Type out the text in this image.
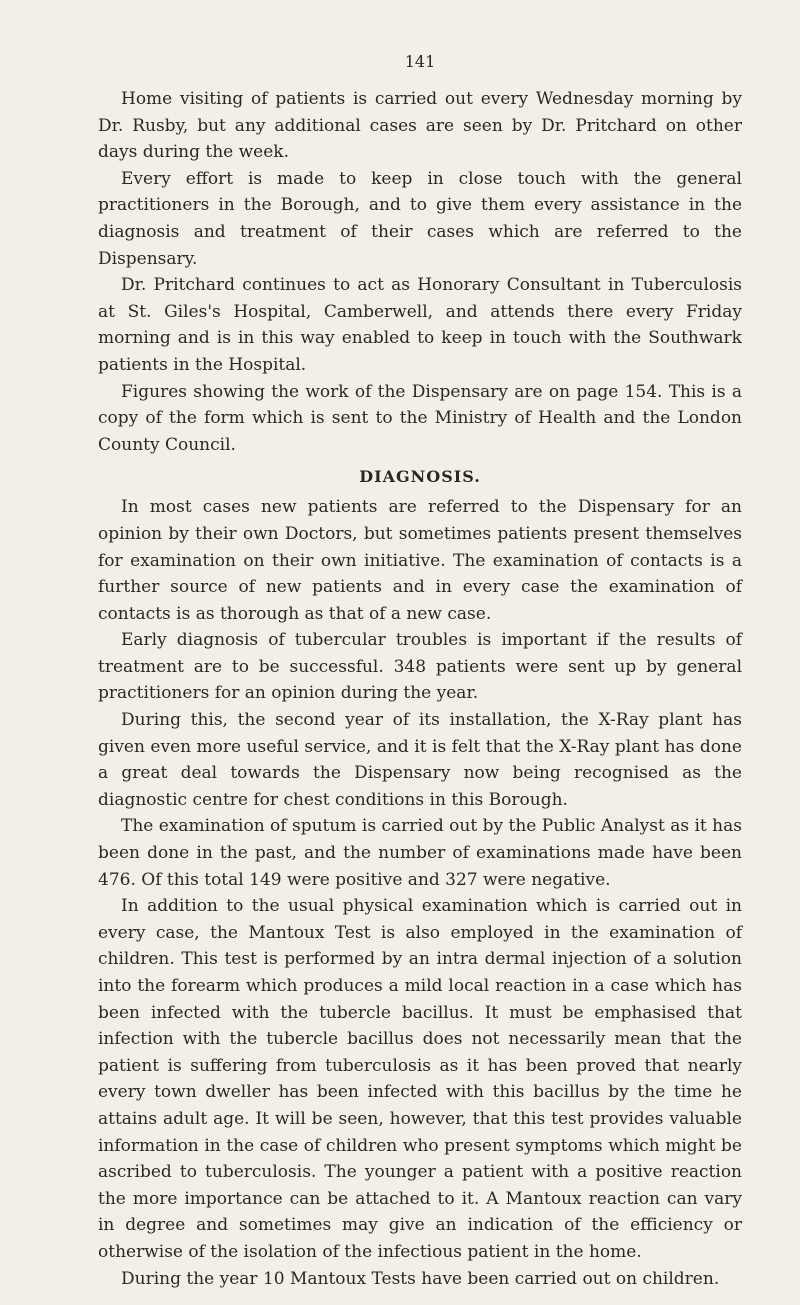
141

Home visiting of patients is carried out every Wednesday morning by Dr. Rusby, but any additional cases are seen by Dr. Pritchard on other days during the week.

Every effort is made to keep in close touch with the general practitioners in the Borough, and to give them every assistance in the diagnosis and treatment of their cases which are referred to the Dispensary.

Dr. Pritchard continues to act as Honorary Consultant in Tuberculosis at St. Giles's Hospital, Camberwell, and attends there every Friday morning and is in this way enabled to keep in touch with the Southwark patients in the Hospital.

Figures showing the work of the Dispensary are on page 154. This is a copy of the form which is sent to the Ministry of Health and the London County Council.

DIAGNOSIS.

In most cases new patients are referred to the Dispensary for an opinion by their own Doctors, but sometimes patients present themselves for examination on their own initiative. The examination of contacts is a further source of new patients and in every case the examination of contacts is as thorough as that of a new case.

Early diagnosis of tubercular troubles is important if the results of treatment are to be successful. 348 patients were sent up by general practitioners for an opinion during the year.

During this, the second year of its installation, the X-Ray plant has given even more useful service, and it is felt that the X-Ray plant has done a great deal towards the Dispensary now being recognised as the diagnostic centre for chest conditions in this Borough.

The examination of sputum is carried out by the Public Analyst as it has been done in the past, and the number of examinations made have been 476. Of this total 149 were positive and 327 were negative.

In addition to the usual physical examination which is carried out in every case, the Mantoux Test is also employed in the examination of children. This test is performed by an intra dermal injection of a solution into the forearm which produces a mild local reaction in a case which has been infected with the tubercle bacillus. It must be emphasised that infection with the tubercle bacillus does not necessarily mean that the patient is suffering from tuberculosis as it has been proved that nearly every town dweller has been infected with this bacillus by the time he attains adult age. It will be seen, however, that this test provides valuable information in the case of children who present symptoms which might be ascribed to tuberculosis. The younger a patient with a positive reaction the more importance can be attached to it. A Mantoux reaction can vary in degree and sometimes may give an indication of the efficiency or otherwise of the isolation of the infectious patient in the home.

During the year 10 Mantoux Tests have been carried out on children.
